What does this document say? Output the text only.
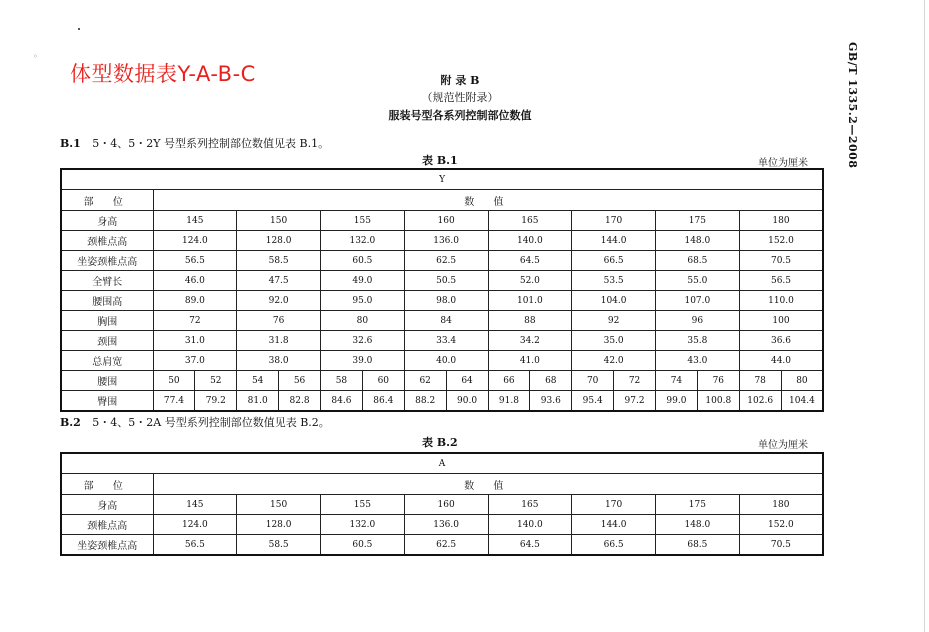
◦
体型数据表Y-A-B-C	GB/T 1335.2—2008
附 录 B
（规范性附录）
服装号型各系列控制部位数值
B.1 5・4、5・2Y 号型系列控制部位数值见表 B.1。
表 B.1	单位为厘米
Y																
部 位	数 值															
身高	145		150		155		160		165		170		175		180	
颈椎点高	124.0		128.0		132.0		136.0		140.0		144.0		148.0		152.0	
坐姿颈椎点高	56.5		58.5		60.5		62.5		64.5		66.5		68.5		70.5	
全臂长	46.0		47.5		49.0		50.5		52.0		53.5		55.0		56.5	
腰围高	89.0		92.0		95.0		98.0		101.0		104.0		107.0		110.0	
胸围	72		76		80		84		88		92		96		100	
颈围	31.0		31.8		32.6		33.4		34.2		35.0		35.8		36.6	
总肩宽	37.0		38.0		39.0		40.0		41.0		42.0		43.0		44.0	
腰围	50	52	54	56	58	60	62	64	66	68	70	72	74	76	78	80
臀围	77.4	79.2	81.0	82.8	84.6	86.4	88.2	90.0	91.8	93.6	95.4	97.2	99.0	100.8	102.6	104.4
B.2 5・4、5・2A 号型系列控制部位数值见表 B.2。
表 B.2	单位为厘米
A								
部 位	数 值							
身高	145	150	155	160	165	170	175	180
颈椎点高	124.0	128.0	132.0	136.0	140.0	144.0	148.0	152.0
坐姿颈椎点高	56.5	58.5	60.5	62.5	64.5	66.5	68.5	70.5
